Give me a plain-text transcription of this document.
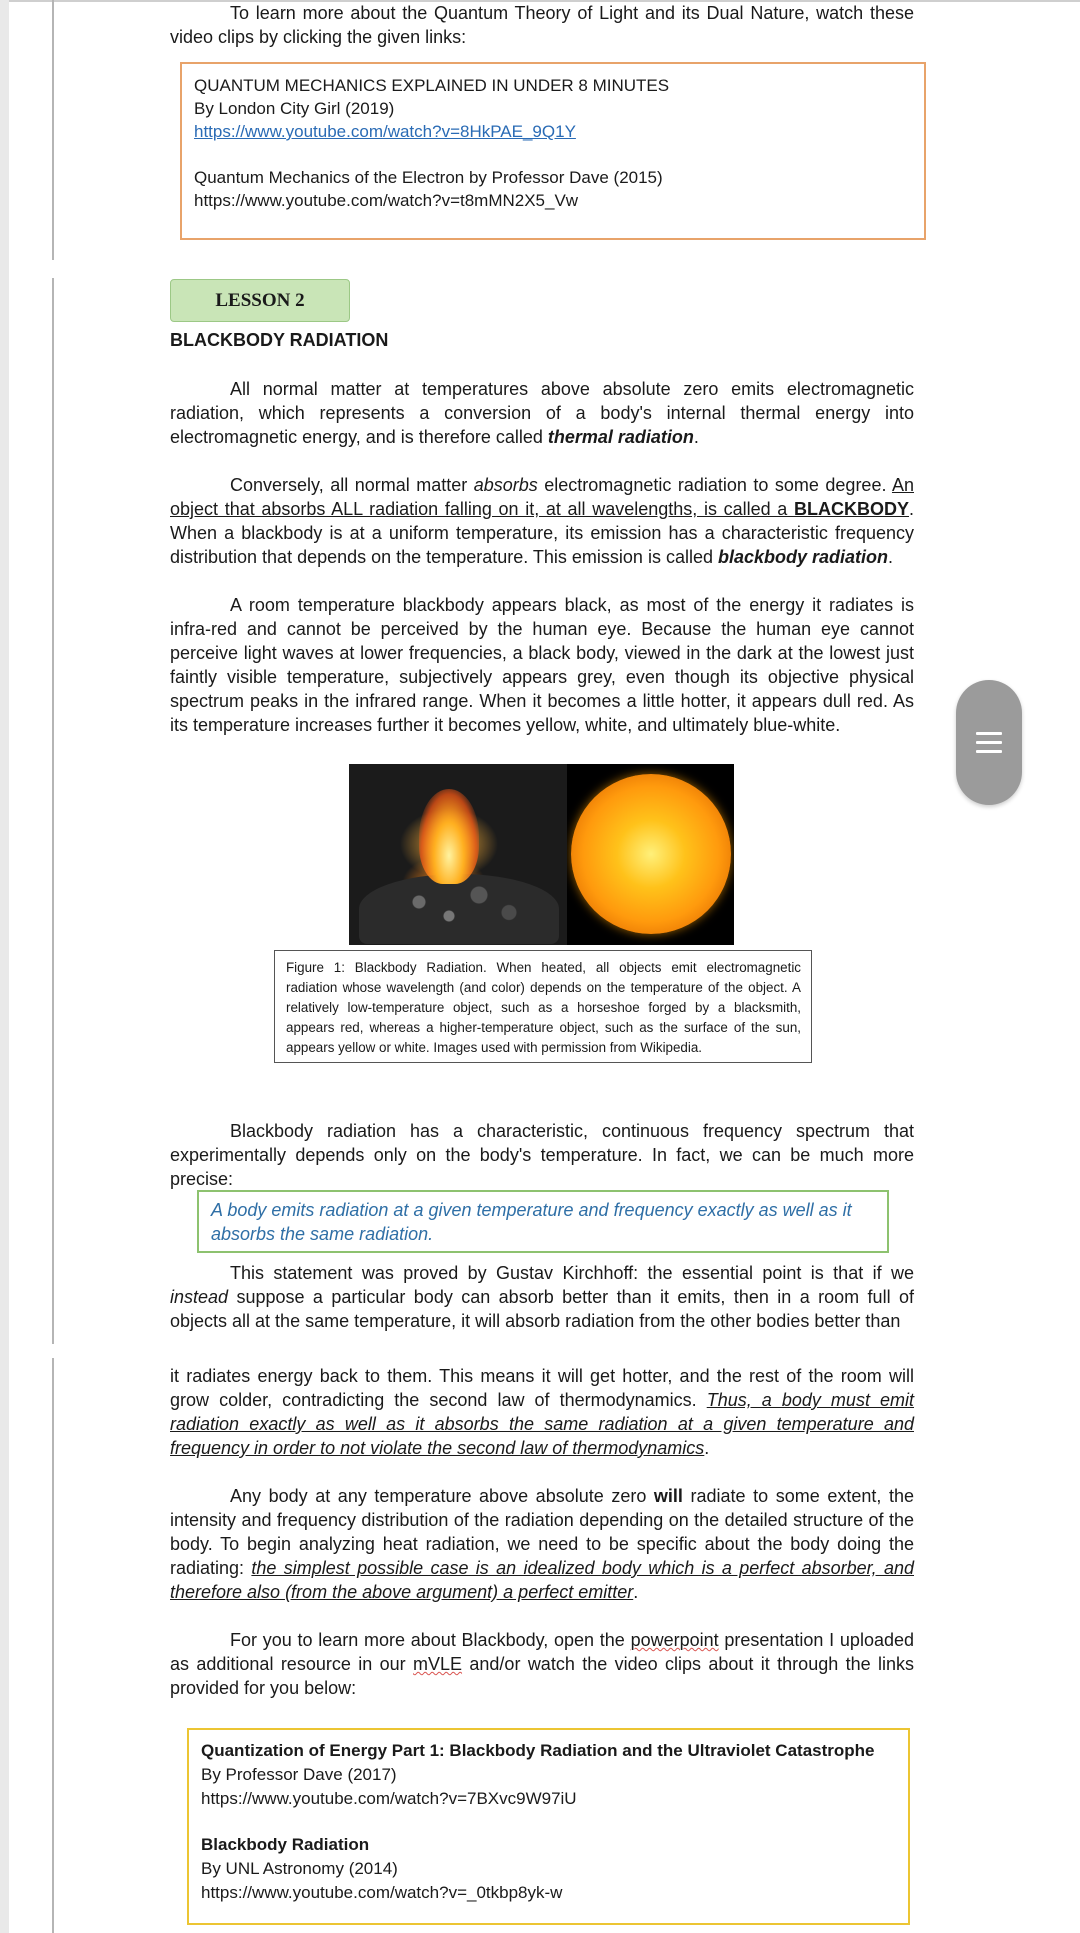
To learn more about the Quantum Theory of Light and its Dual Nature, watch these video clips by clicking the given links:

QUANTUM MECHANICS EXPLAINED IN UNDER 8 MINUTES
By London City Girl (2019)
https://www.youtube.com/watch?v=8HkPAE_9Q1Y
Quantum Mechanics of the Electron by Professor Dave (2015)
https://www.youtube.com/watch?v=t8mMN2X5_Vw
LESSON 2
BLACKBODY RADIATION

All normal matter at temperatures above absolute zero emits electromagnetic radiation, which represents a conversion of a body's internal thermal energy into electromagnetic energy, and is therefore called thermal radiation.

Conversely, all normal matter absorbs electromagnetic radiation to some degree. An object that absorbs ALL radiation falling on it, at all wavelengths, is called a BLACKBODY. When a blackbody is at a uniform temperature, its emission has a characteristic frequency distribution that depends on the temperature. This emission is called blackbody radiation.

A room temperature blackbody appears black, as most of the energy it radiates is infra-red and cannot be perceived by the human eye. Because the human eye cannot perceive light waves at lower frequencies, a black body, viewed in the dark at the lowest just faintly visible temperature, subjectively appears grey, even though its objective physical spectrum peaks in the infrared range. When it becomes a little hotter, it appears dull red. As its temperature increases further it becomes yellow, white, and ultimately blue-white.

Figure 1: Blackbody Radiation. When heated, all objects emit electromagnetic radiation whose wavelength (and color) depends on the temperature of the object. A relatively low-temperature object, such as a horseshoe forged by a blacksmith, appears red, whereas a higher-temperature object, such as the surface of the sun, appears yellow or white. Images used with permission from Wikipedia.

Blackbody radiation has a characteristic, continuous frequency spectrum that experimentally depends only on the body's temperature. In fact, we can be much more precise:

A body emits radiation at a given temperature and frequency exactly as well as it absorbs the same radiation.

This statement was proved by Gustav Kirchhoff: the essential point is that if we instead suppose a particular body can absorb better than it emits, then in a room full of objects all at the same temperature, it will absorb radiation from the other bodies better than

it radiates energy back to them. This means it will get hotter, and the rest of the room will grow colder, contradicting the second law of thermodynamics. Thus, a body must emit radiation exactly as well as it absorbs the same radiation at a given temperature and frequency in order to not violate the second law of thermodynamics.

Any body at any temperature above absolute zero will radiate to some extent, the intensity and frequency distribution of the radiation depending on the detailed structure of the body. To begin analyzing heat radiation, we need to be specific about the body doing the radiating: the simplest possible case is an idealized body which is a perfect absorber, and therefore also (from the above argument) a perfect emitter.

For you to learn more about Blackbody, open the powerpoint presentation I uploaded as additional resource in our mVLE and/or watch the video clips about it through the links provided for you below:

Quantization of Energy Part 1: Blackbody Radiation and the Ultraviolet Catastrophe
By Professor Dave (2017)
https://www.youtube.com/watch?v=7BXvc9W97iU
Blackbody Radiation
By UNL Astronomy (2014)
https://www.youtube.com/watch?v=_0tkbp8yk-w
